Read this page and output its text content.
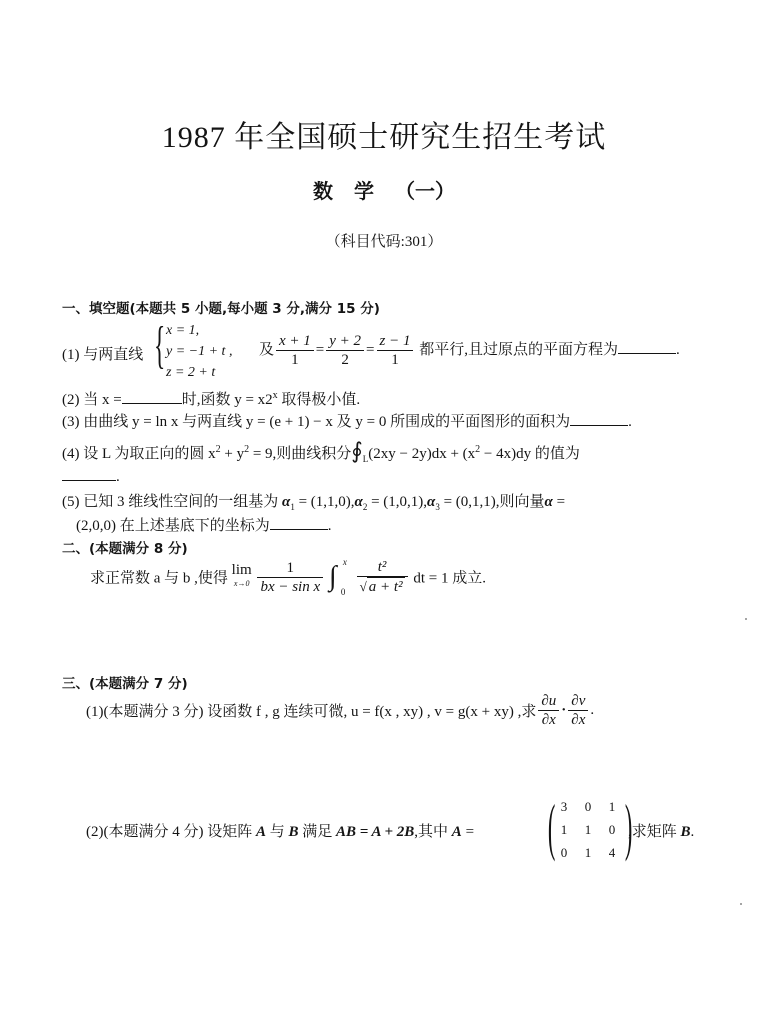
1987 年全国硕士研究生招生考试
数 学 （一）
（科目代码:301）
一、填空题(本题共 5 小题,每小题 3 分,满分 15 分)
(1) 与两直线 { x = 1,
y = −1 + t ,
z = 2 + t
及 $\frac{x + 1}{1} = \frac{y + 2}{2} = \frac{z - 1}{1}$ 都平行,且过原点的平面方程为	.
(2) 当 x =	时,函数 $y = x2^x$ 取得极小值.
(3) 由曲线 y = ln x 与两直线 y = (e + 1) − x 及 y = 0 所围成的平面图形的面积为	.
(4) 设 L 为取正向的圆 $x^2 + y^2 = 9$,则曲线积分$∮_L(2xy - 2y)dx + (x^2 - 4x)dy$ 的值为
.
(5) 已知 3 维线性空间的一组基为 $\alpha_1 = (1,1,0),\alpha_2 = (1,0,1),\alpha_3 = (0,1,1)$,则向量α =
(2,0,0) 在上述基底下的坐标为	.
二、(本题满分 8 分)
求正常数 a 与 b ,使得
lim
x→0
$\frac{1}{\text{bx − sin x}}$
∫ x
0
$\frac{\text{t²}}{\text{√ a + t²}}$ dt = 1 成立.
三、(本题满分 7 分)
(1)(本题满分 3 分) 设函数 f , g 连续可微, u = f(x , xy) , v = g(x + xy) ,求 $\frac{\partial u}{\partial x} \cdot \frac{\partial v}{\partial x}$ .
(2)(本题满分 4 分) 设矩阵 A 与 B 满足 AB = A + 2B,其中 A = ( 3 0 1
1 1 0
0 1 4 )
,求矩阵 B.
